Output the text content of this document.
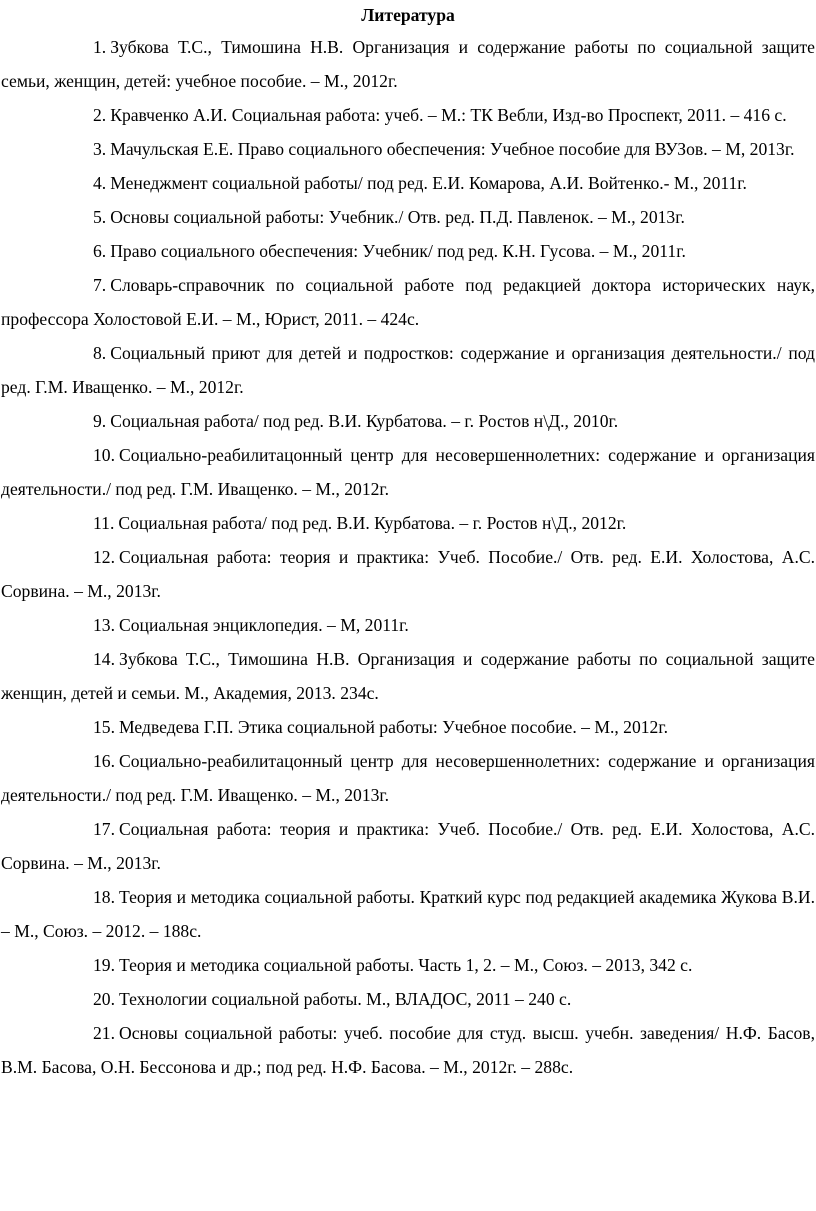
Литература
1. Зубкова Т.С., Тимошина Н.В. Организация и содержание работы по социальной защите семьи, женщин, детей: учебное пособие. – М., 2012г.
2. Кравченко А.И. Социальная работа: учеб. – М.: ТК Вебли, Изд-во Проспект, 2011. – 416 с.
3. Мачульская Е.Е. Право социального обеспечения: Учебное пособие для ВУЗов. – М, 2013г.
4. Менеджмент социальной работы/ под ред. Е.И. Комарова, А.И. Войтенко.- М., 2011г.
5. Основы социальной работы: Учебник./ Отв. ред. П.Д. Павленок. – М., 2013г.
6. Право социального обеспечения: Учебник/ под ред. К.Н. Гусова. – М., 2011г.
7. Словарь-справочник по социальной работе под редакцией доктора исторических наук, профессора Холостовой Е.И. – М., Юрист, 2011. – 424с.
8. Социальный приют для детей и подростков: содержание и организация деятельности./ под ред. Г.М. Иващенко. – М., 2012г.
9. Социальная работа/ под ред. В.И. Курбатова. – г. Ростов н\Д., 2010г.
10. Социально-реабилитацонный центр для несовершеннолетних: содержание и организация деятельности./ под ред. Г.М. Иващенко. – М., 2012г.
11. Социальная работа/ под ред. В.И. Курбатова. – г. Ростов н\Д., 2012г.
12. Социальная работа: теория и практика: Учеб. Пособие./ Отв. ред. Е.И. Холостова, А.С. Сорвина. – М., 2013г.
13. Социальная энциклопедия. – М, 2011г.
14. Зубкова Т.С., Тимошина Н.В. Организация и содержание работы по социальной защите женщин, детей и семьи. М., Академия, 2013. 234с.
15. Медведева Г.П. Этика социальной работы: Учебное пособие. – М., 2012г.
16. Социально-реабилитацонный центр для несовершеннолетних: содержание и организация деятельности./ под ред. Г.М. Иващенко. – М., 2013г.
17. Социальная работа: теория и практика: Учеб. Пособие./ Отв. ред. Е.И. Холостова, А.С. Сорвина. – М., 2013г.
18. Теория и методика социальной работы. Краткий курс под редакцией академика Жукова В.И. – М., Союз. – 2012. – 188с.
19. Теория и методика социальной работы. Часть 1, 2. – М., Союз. – 2013, 342 с.
20. Технологии социальной работы. М., ВЛАДОС, 2011 – 240 с.
21. Основы социальной работы: учеб. пособие для студ. высш. учебн. заведения/ Н.Ф. Басов, В.М. Басова, О.Н. Бессонова и др.; под ред. Н.Ф. Басова. – М., 2012г. – 288с.
